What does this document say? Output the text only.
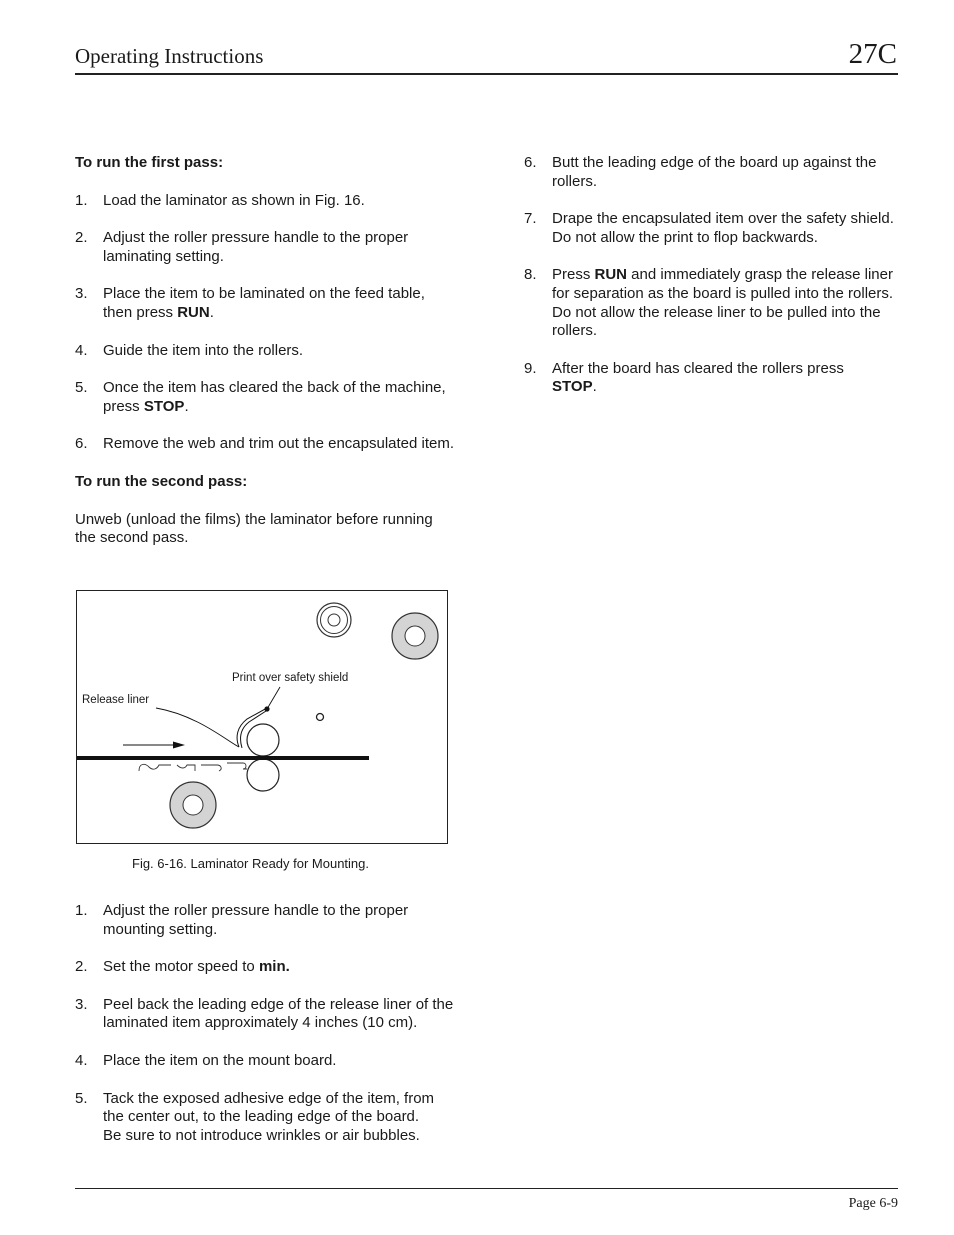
Operating Instructions	27C

To run the first pass:

1. Load the laminator as shown in Fig. 16.
2. Adjust the roller pressure handle to the proper laminating setting.
3. Place the item to be laminated on the feed table, then press RUN.
4. Guide the item into the rollers.
5. Once the item has cleared the back of the machine, press STOP.
6. Remove the web and trim out the encapsulated item.

To run the second pass:

Unweb (unload the films) the laminator before running the second pass.

Print over safety shield
Release liner
Fig. 6-16. Laminator Ready for Mounting.
1. Adjust the roller pressure handle to the proper mounting setting.
2. Set the motor speed to min.
3. Peel back the leading edge of the release liner of the laminated item approximately 4 inches (10 cm).
4. Place the item on the mount board.
5. Tack the exposed adhesive edge of the item, from the center out, to the leading edge of the board.
Be sure to not introduce wrinkles or air bubbles.
6. Butt the leading edge of the board up against the rollers.
7. Drape the encapsulated item over the safety shield.
Do not allow the print to flop backwards.
8. Press RUN and immediately grasp the release liner for separation as the board is pulled into the rollers. Do not allow the release liner to be pulled into the rollers.
9. After the board has cleared the rollers press
STOP.
Page 6-9
